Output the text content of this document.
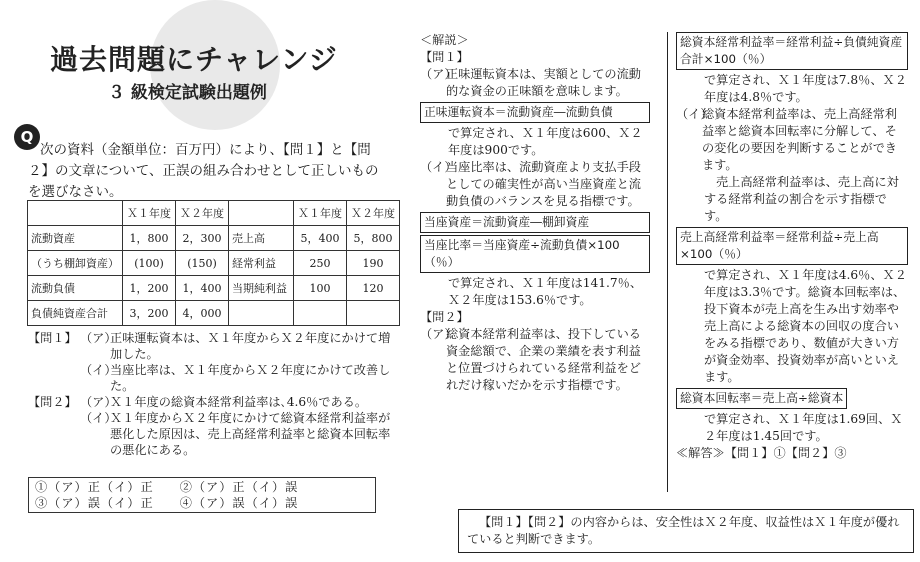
過去問題にチャレンジ
３ 級検定試験出題例
Q
次の資料（金額単位：百万円）により、【問１】と【問２】の文章について、正誤の組み合わせとして正しいものを選びなさい。
	Ｘ１年度	Ｘ２年度		Ｘ１年度	Ｘ２年度
流動資産	1，800	2，300	売上高	5，400	5，800
（うち棚卸資産）	(100)	(150)	経常利益	250	190
流動負債	1，200	1，400	当期純利益	100	120
負債純資産合計	3，200	4，000			
【問１】 （ア）
正味運転資本は、Ｘ１年度からＸ２年度にかけて増加した。
（イ）
当座比率は、Ｘ１年度からＸ２年度にかけて改善した。
【問２】 （ア）
Ｘ１年度の総資本経常利益率は､4.6％である。
（イ）
Ｘ１年度からＸ２年度にかけて総資本経常利益率が悪化した原因は、売上高経常利益率と総資本回転率の悪化にある。
①（ア）正（イ）正 ②（ア）正（イ）誤
③（ア）誤（イ）正 ④（ア）誤（イ）誤
＜解説＞
【問１】
（ア）
正味運転資本は、実額としての流動的な資金の正味額を意味します。
正味運転資本＝流動資産―流動負債
で算定され、Ｘ１年度は600、Ｘ２年度は900です。
（イ）
当座比率は、流動資産より支払手段としての確実性が高い当座資産と流動負債のバランスを見る指標です。
当座資産＝流動資産―棚卸資産
当座比率＝当座資産÷流動負債×100（％）
で算定され、Ｘ１年度は141.7％、Ｘ２年度は153.6％です。
【問２】
（ア）
総資本経常利益率は、投下している資金総額で、企業の業績を表す利益と位置づけられている経常利益をどれだけ稼いだかを示す指標です。
総資本経常利益率＝経常利益÷負債純資産合計×100（％）
で算定され、Ｘ１年度は7.8％、Ｘ２年度は4.8％です。
（イ）
総資本経常利益率は、売上高経常利益率と総資本回転率に分解して、その変化の要因を判断することができます。
売上高経常利益率は、売上高に対する経常利益の割合を示す指標です。
売上高経常利益率＝経常利益÷売上高×100（％）
で算定され、Ｘ１年度は4.6％、Ｘ２年度は3.3％です。総資本回転率は、投下資本が売上高を生み出す効率や売上高による総資本の回収の度合いをみる指標であり、数値が大きい方が資金効率、投資効率が高いといえます。
総資本回転率＝売上高÷総資本
で算定され、Ｘ１年度は1.69回、Ｘ２年度は1.45回です。
≪解答≫【問１】①【問２】③
【問１】【問２】の内容からは、安全性はＸ２年度、収益性はＸ１年度が優れていると判断できます。
